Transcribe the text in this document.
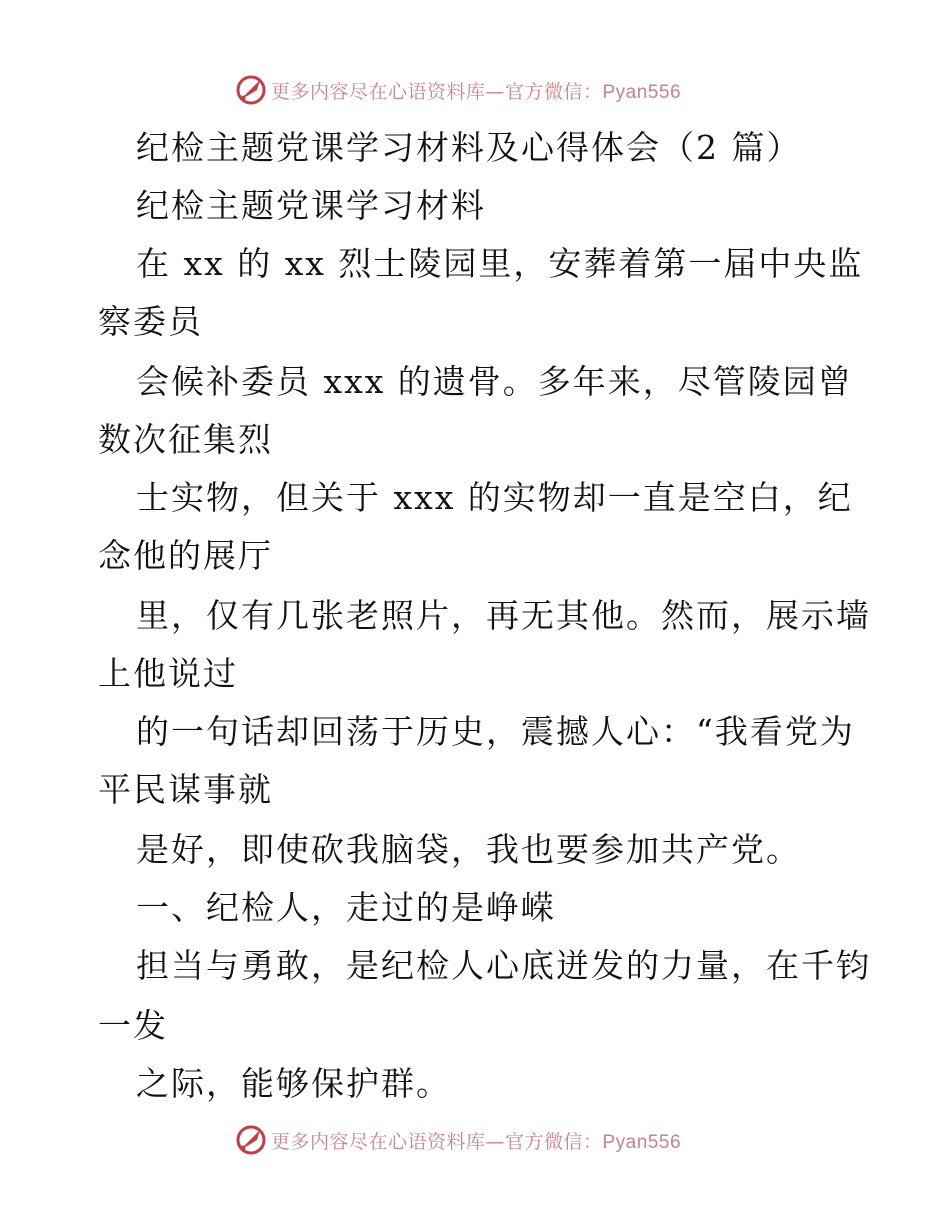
更多内容尽在心语资料库—官方微信：Pyan556
纪检主题党课学习材料及心得体会（2 篇）
纪检主题党课学习材料
在 xx 的 xx 烈士陵园里，安葬着第一届中央监
察委员
会候补委员 xxx 的遗骨。多年来，尽管陵园曾
数次征集烈
士实物，但关于 xxx 的实物却一直是空白，纪
念他的展厅
里，仅有几张老照片，再无其他。然而，展示墙
上他说过
的一句话却回荡于历史，震撼人心：“我看党为
平民谋事就
是好，即使砍我脑袋，我也要参加共产党。
一、纪检人，走过的是峥嵘
担当与勇敢，是纪检人心底迸发的力量，在千钧
一发
之际，能够保护群。
更多内容尽在心语资料库—官方微信：Pyan556
